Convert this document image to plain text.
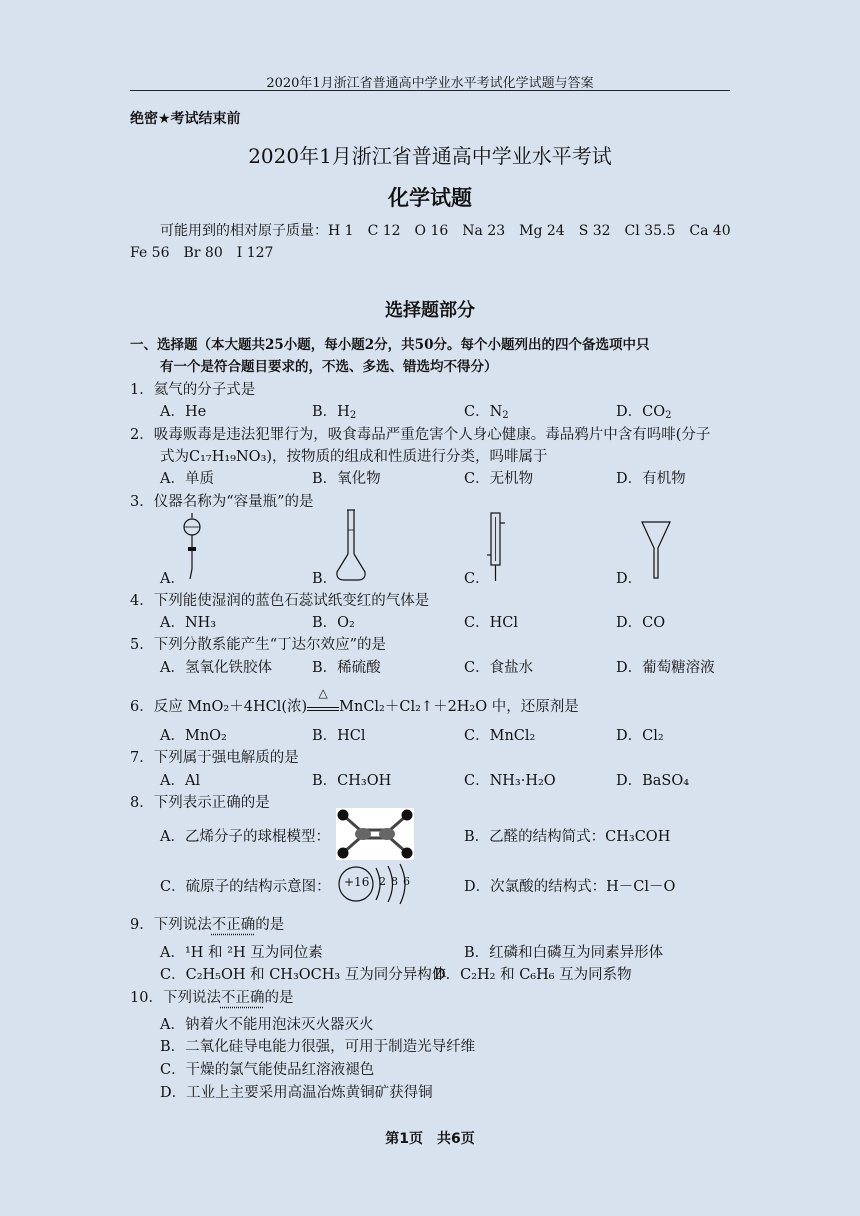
2020年1月浙江省普通高中学业水平考试化学试题与答案
绝密★考试结束前
2020年1月浙江省普通高中学业水平考试
化学试题
可能用到的相对原子质量：H 1　C 12　O 16　Na 23　Mg 24　S 32　Cl 35.5　Ca 40
Fe 56　Br 80　I 127
选择题部分
一、选择题（本大题共25小题，每小题2分，共50分。每个小题列出的四个备选项中只
有一个是符合题目要求的，不选、多选、错选均不得分）
1．氦气的分子式是
A．He	B．$H_2$	C．$N_2$	D．$CO_2$
2．吸毒贩毒是违法犯罪行为，吸食毒品严重危害个人身心健康。毒品鸦片中含有吗啡(分子
式为C₁₇H₁₉NO₃)，按物质的组成和性质进行分类，吗啡属于
A．单质	B．氧化物	C．无机物	D．有机物
3．仪器名称为“容量瓶”的是
A．	B．	C．	D．
4．下列能使湿润的蓝色石蕊试纸变红的气体是
A．NH₃	B．O₂	C．HCl	D．CO
5．下列分散系能产生“丁达尔效应”的是
A．氢氧化铁胶体	B．稀硫酸	C．食盐水	D．葡萄糖溶液
6．反应 MnO₂＋4HCl(浓)
△
MnCl₂＋Cl₂↑＋2H₂O 中，还原剂是
A．MnO₂	B．HCl	C．MnCl₂	D．Cl₂
7．下列属于强电解质的是
A．Al	B．CH₃OH	C．NH₃·H₂O	D．BaSO₄
8．下列表示正确的是
A．乙烯分子的球棍模型：	B．乙醛的结构简式：CH₃COH
C．硫原子的结构示意图： +16 2 8 6	D．次氯酸的结构式：H－Cl－O
9．下列说法不正确的是
A．¹H 和 ²H 互为同位素	B．红磷和白磷互为同素异形体
C．C₂H₅OH 和 CH₃OCH₃ 互为同分异构体
D．C₂H₂ 和 C₆H₆ 互为同系物
10．下列说法不正确的是
A．钠着火不能用泡沫灭火器灭火
B．二氧化硅导电能力很强，可用于制造光导纤维
C．干燥的氯气能使品红溶液褪色
D．工业上主要采用高温冶炼黄铜矿获得铜
第1页　共6页
